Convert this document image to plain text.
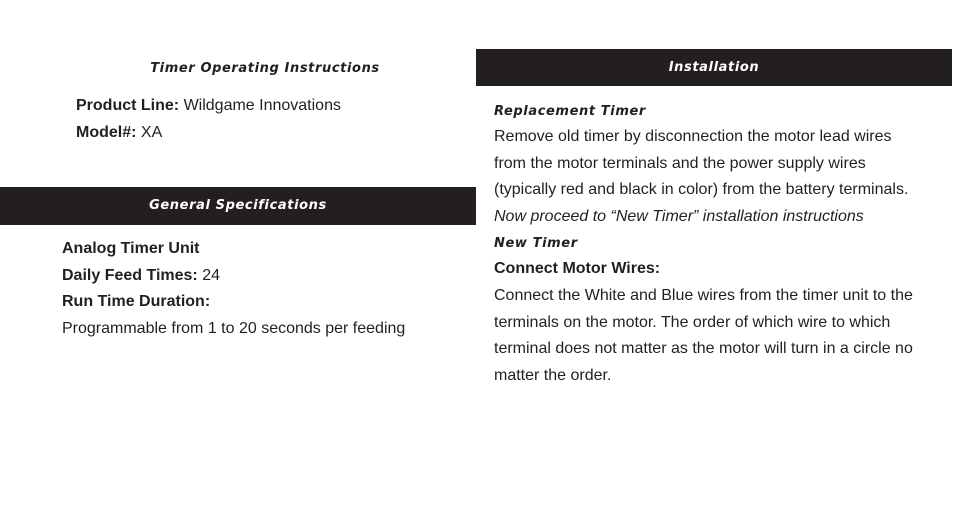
Timer Operating Instructions
Product Line: Wildgame Innovations
Model#: XA
General Specifications
Analog Timer Unit
Daily Feed Times: 24
Run Time Duration:
Programmable from 1 to 20 seconds per feeding
Installation
Replacement Timer
Remove old timer by disconnection the motor lead wires from the motor terminals and the power supply wires (typically red and black in color) from the battery terminals.
Now proceed to “New Timer” installation instructions
New Timer
Connect Motor Wires:
Connect the White and Blue wires from the timer unit to the terminals on the motor. The order of which wire to which terminal does not matter as the motor will turn in a circle no matter the order.
